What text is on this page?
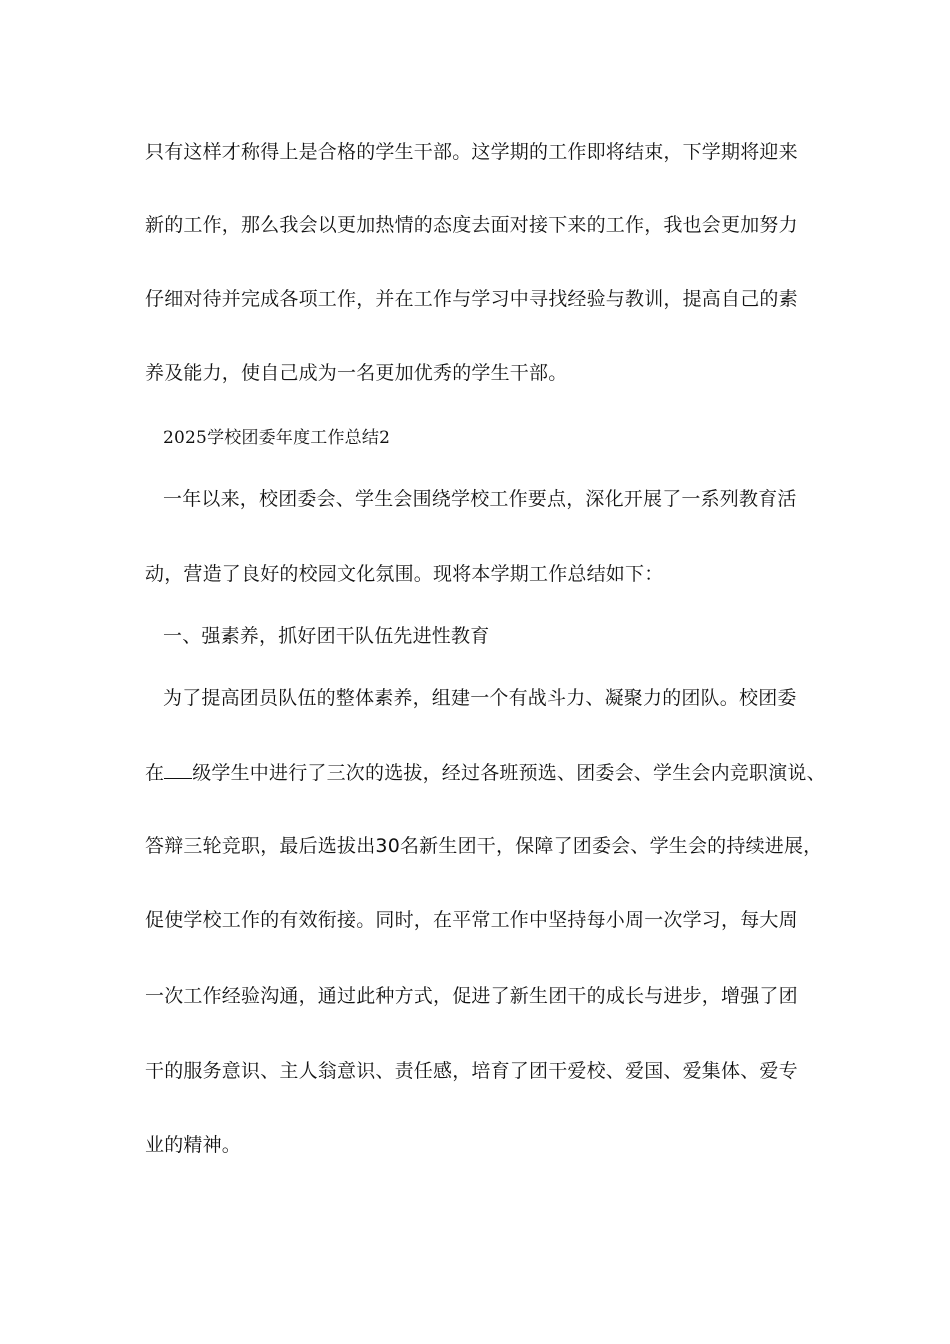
只有这样才称得上是合格的学生干部。这学期的工作即将结束，下学期将迎来
新的工作，那么我会以更加热情的态度去面对接下来的工作，我也会更加努力
仔细对待并完成各项工作，并在工作与学习中寻找经验与教训，提高自己的素
养及能力，使自己成为一名更加优秀的学生干部。
2025学校团委年度工作总结2
一年以来，校团委会、学生会围绕学校工作要点，深化开展了一系列教育活
动，营造了良好的校园文化氛围。现将本学期工作总结如下：
一、强素养，抓好团干队伍先进性教育
为了提高团员队伍的整体素养，组建一个有战斗力、凝聚力的团队。校团委
在 级学生中进行了三次的选拔，经过各班预选、团委会、学生会内竞职演说、
答辩三轮竞职，最后选拔出30名新生团干，保障了团委会、学生会的持续进展，
促使学校工作的有效衔接。同时，在平常工作中坚持每小周一次学习，每大周
一次工作经验沟通，通过此种方式，促进了新生团干的成长与进步，增强了团
干的服务意识、主人翁意识、责任感，培育了团干爱校、爱国、爱集体、爱专
业的精神。
